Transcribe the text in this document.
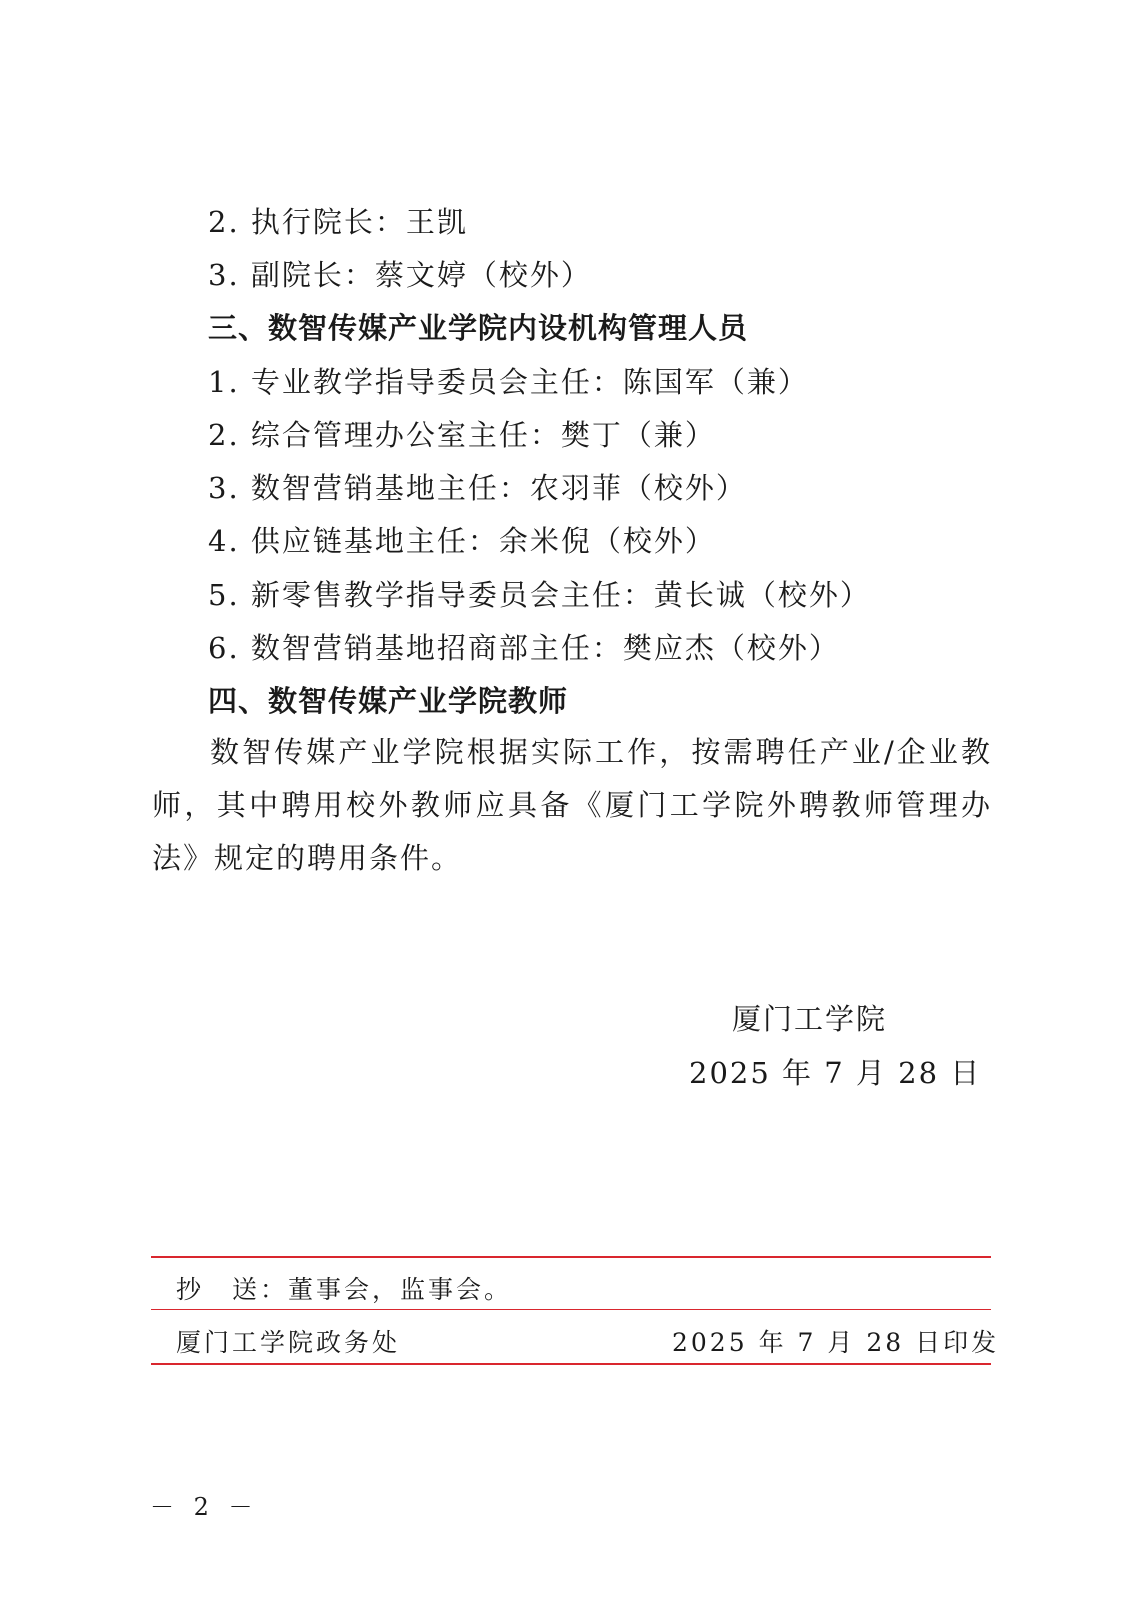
2. 执行院长：王凯
3. 副院长：蔡文婷（校外）
三、数智传媒产业学院内设机构管理人员
1. 专业教学指导委员会主任：陈国军（兼）
2. 综合管理办公室主任：樊丁（兼）
3. 数智营销基地主任：农羽菲（校外）
4. 供应链基地主任：余米倪（校外）
5. 新零售教学指导委员会主任：黄长诚（校外）
6. 数智营销基地招商部主任：樊应杰（校外）
四、数智传媒产业学院教师
数智传媒产业学院根据实际工作，按需聘任产业/企业教师，其中聘用校外教师应具备《厦门工学院外聘教师管理办法》规定的聘用条件。
厦门工学院
2025 年 7 月 28 日
抄　送：董事会，监事会。
厦门工学院政务处	2025 年 7 月 28 日印发
－ 2 －
